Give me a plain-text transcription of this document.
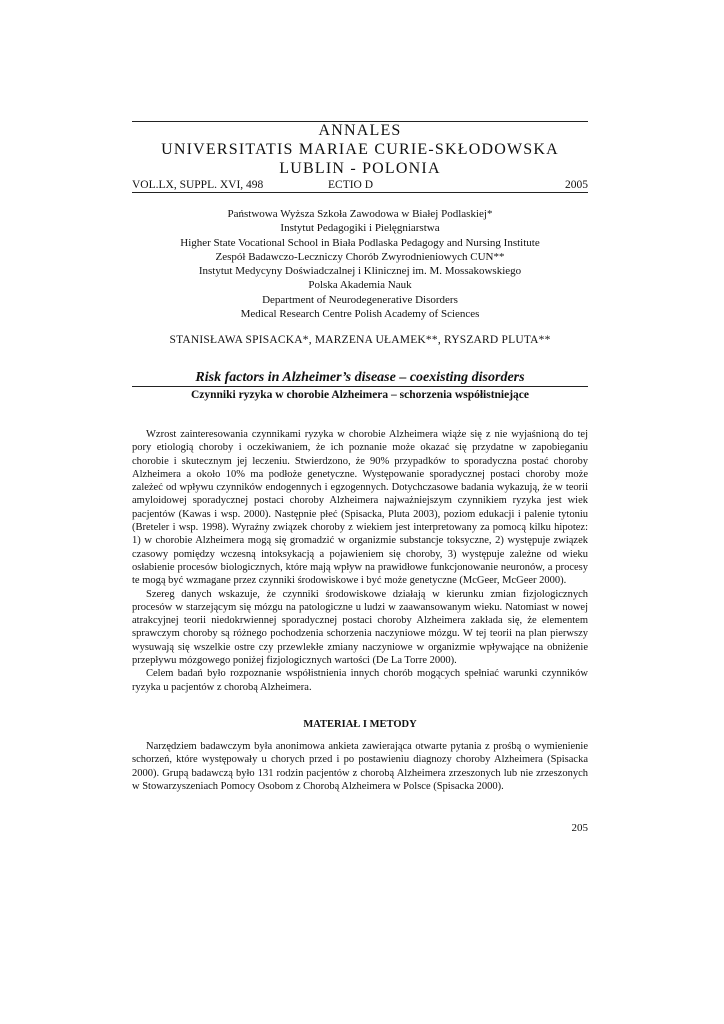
ANNALES
UNIVERSITATIS MARIAE CURIE-SKŁODOWSKA
LUBLIN - POLONIA
VOL.LX, SUPPL. XVI, 498	ECTIO D	2005
Państwowa Wyższa Szkoła Zawodowa w Białej Podlaskiej*
Instytut Pedagogiki i Pielęgniarstwa
Higher State Vocational School in Biała Podlaska Pedagogy and Nursing Institute
Zespół Badawczo-Leczniczy Chorób Zwyrodnieniowych CUN**
Instytut Medycyny Doświadczalnej i Klinicznej im. M. Mossakowskiego
Polska Akademia Nauk
Department of Neurodegenerative Disorders
Medical Research Centre Polish Academy of Sciences
STANISŁAWA SPISACKA*, MARZENA UŁAMEK**, RYSZARD PLUTA**
Risk factors in Alzheimer’s disease – coexisting disorders
Czynniki ryzyka w chorobie Alzheimera – schorzenia współistniejące

Wzrost zainteresowania czynnikami ryzyka w chorobie Alzheimera wiąże się z nie wyjaśnioną do tej pory etiologią choroby i oczekiwaniem, że ich poznanie może okazać się przydatne w zapobieganiu chorobie i skutecznym jej leczeniu. Stwierdzono, że 90% przypadków to sporadyczna postać choroby Alzheimera a około 10% ma podłoże genetyczne. Występowanie sporadycznej postaci choroby może zależeć od wpływu czynników endogennych i egzogennych. Dotychczasowe badania wykazują, że w teorii amyloidowej sporadycznej postaci choroby Alzheimera najważniejszym czynnikiem ryzyka jest wiek pacjentów (Kawas i wsp. 2000). Następnie płeć (Spisacka, Pluta 2003), poziom edukacji i palenie tytoniu (Breteler i wsp. 1998). Wyraźny związek choroby z wiekiem jest interpretowany za pomocą kilku hipotez: 1) w chorobie Alzheimera mogą się gromadzić w organizmie substancje toksyczne, 2) występuje związek czasowy pomiędzy wczesną intoksykacją a pojawieniem się choroby, 3) występuje zależne od wieku osłabienie procesów biologicznych, które mają wpływ na prawidłowe funkcjonowanie neuronów, a procesy te mogą być wzmagane przez czynniki środowiskowe i być może genetyczne (McGeer, McGeer 2000).

Szereg danych wskazuje, że czynniki środowiskowe działają w kierunku zmian fizjologicznych procesów w starzejącym się mózgu na patologiczne u ludzi w zaawansowanym wieku. Natomiast w nowej atrakcyjnej teorii niedokrwiennej sporadycznej postaci choroby Alzheimera zakłada się, że elementem sprawczym choroby są różnego pochodzenia schorzenia naczyniowe mózgu. W tej teorii na plan pierwszy wysuwają się wszelkie ostre czy przewlekłe zmiany naczyniowe w organizmie wpływające na obniżenie przepływu mózgowego poniżej fizjologicznych wartości (De La Torre 2000).

Celem badań było rozpoznanie współistnienia innych chorób mogących spełniać warunki czynników ryzyka u pacjentów z chorobą Alzheimera.

MATERIAŁ I METODY

Narzędziem badawczym była anonimowa ankieta zawierająca otwarte pytania z prośbą o wymienienie schorzeń, które występowały u chorych przed i po postawieniu diagnozy choroby Alzheimera (Spisacka 2000). Grupą badawczą było 131 rodzin pacjentów z chorobą Alzheimera zrzeszonych lub nie zrzeszonych w Stowarzyszeniach Pomocy Osobom z Chorobą Alzheimera w Polsce (Spisacka 2000).

205
